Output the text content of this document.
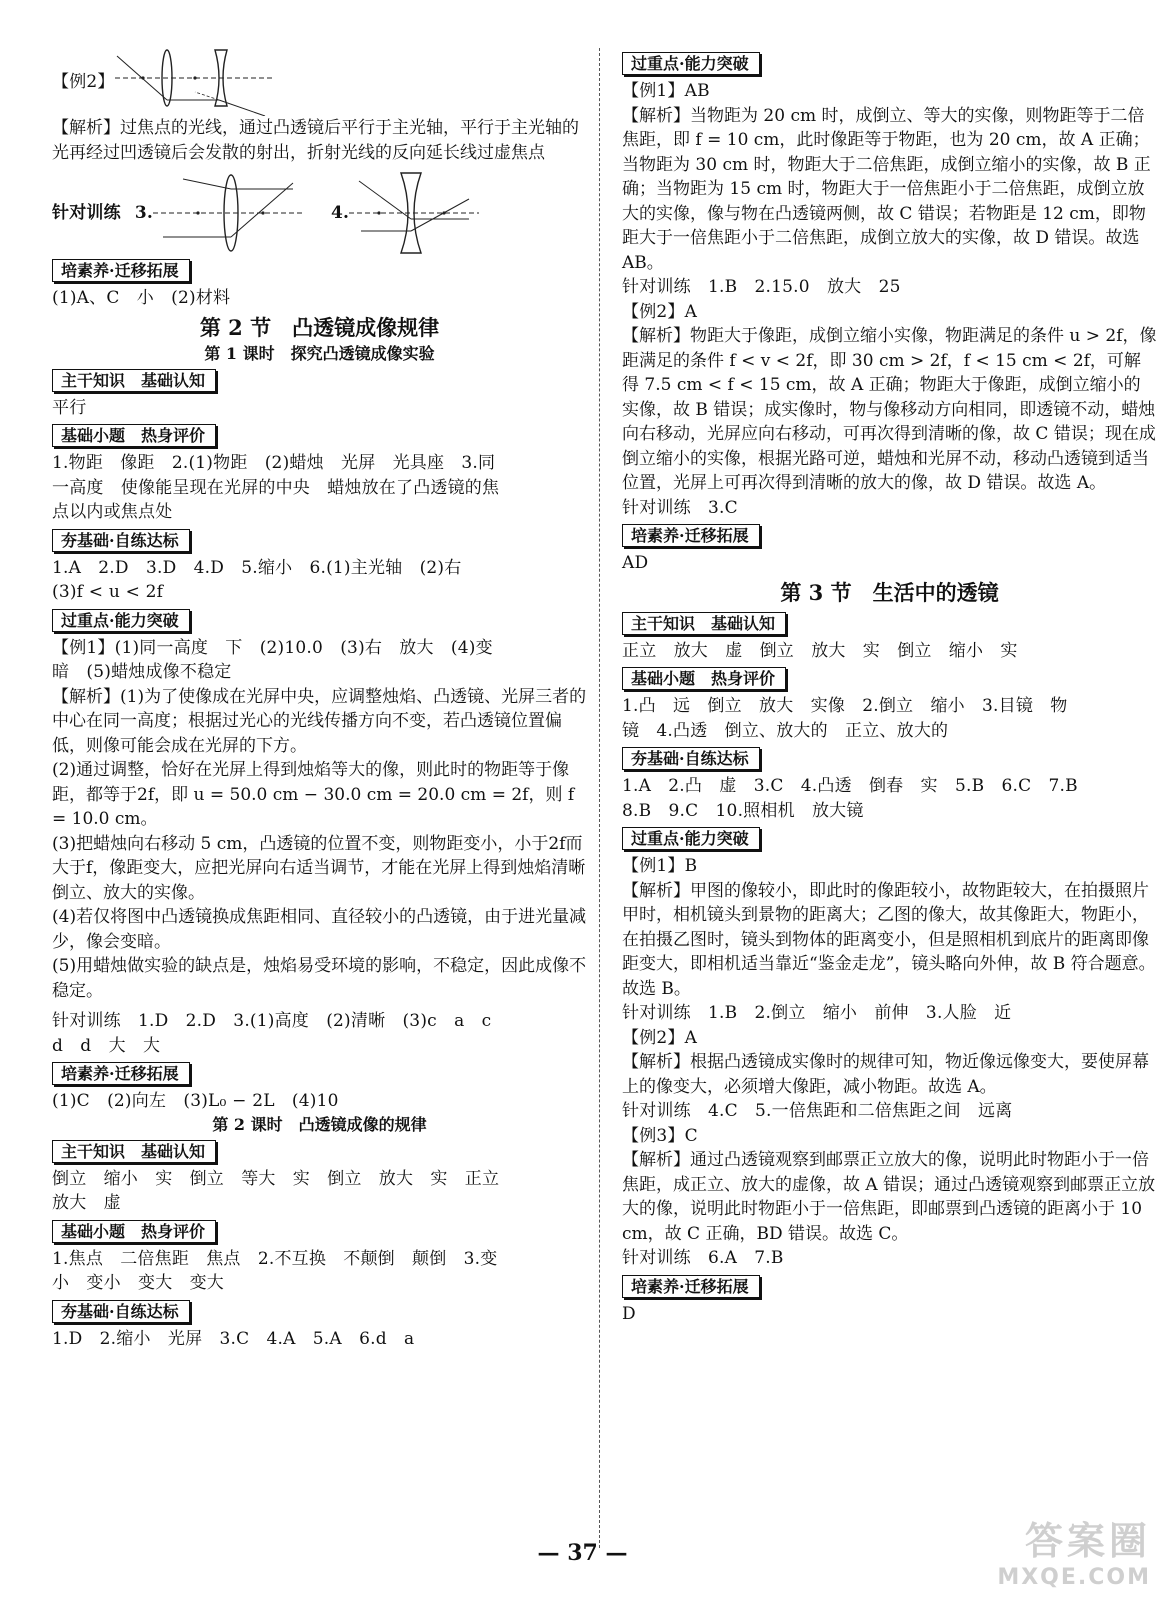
【例2】
【解析】过焦点的光线，通过凸透镜后平行于主光轴，平行于主光轴的光再经过凹透镜后会发散的射出，折射光线的反向延长线过虚焦点
针对训练 3.	4.
培素养·迁移拓展
(1)A、C　小　(2)材料
第 2 节　凸透镜成像规律
第 1 课时　探究凸透镜成像实验
主干知识　基础认知
平行
基础小题　热身评价
1.物距　像距　2.(1)物距　(2)蜡烛　光屏　光具座　3.同
一高度　使像能呈现在光屏的中央　蜡烛放在了凸透镜的焦
点以内或焦点处
夯基础·自练达标
1.A　2.D　3.D　4.D　5.缩小　6.(1)主光轴　(2)右
(3)f < u < 2f
过重点·能力突破
【例1】(1)同一高度　下　(2)10.0　(3)右　放大　(4)变
暗　(5)蜡烛成像不稳定
【解析】(1)为了使像成在光屏中央，应调整烛焰、凸透镜、光屏三者的中心在同一高度；根据过光心的光线传播方向不变，若凸透镜位置偏低，则像可能会成在光屏的下方。
(2)通过调整，恰好在光屏上得到烛焰等大的像，则此时的物距等于像距，都等于2f，即 u = 50.0 cm − 30.0 cm = 20.0 cm = 2f，则 f = 10.0 cm。
(3)把蜡烛向右移动 5 cm，凸透镜的位置不变，则物距变小，小于2f而大于f，像距变大，应把光屏向右适当调节，才能在光屏上得到烛焰清晰倒立、放大的实像。
(4)若仅将图中凸透镜换成焦距相同、直径较小的凸透镜，由于进光量减少，像会变暗。
(5)用蜡烛做实验的缺点是，烛焰易受环境的影响，不稳定，因此成像不稳定。
针对训练　1.D　2.D　3.(1)高度　(2)清晰　(3)c　a　c
d　d　大　大
培素养·迁移拓展
(1)C　(2)向左　(3)L₀ − 2L　(4)10
第 2 课时　凸透镜成像的规律
主干知识　基础认知
倒立　缩小　实　倒立　等大　实　倒立　放大　实　正立
放大　虚
基础小题　热身评价
1.焦点　二倍焦距　焦点　2.不互换　不颠倒　颠倒　3.变
小　变小　变大　变大
夯基础·自练达标
1.D　2.缩小　光屏　3.C　4.A　5.A　6.d　a
过重点·能力突破
【例1】AB
【解析】当物距为 20 cm 时，成倒立、等大的实像，则物距等于二倍焦距，即 f = 10 cm，此时像距等于物距，也为 20 cm，故 A 正确；当物距为 30 cm 时，物距大于二倍焦距，成倒立缩小的实像，故 B 正确；当物距为 15 cm 时，物距大于一倍焦距小于二倍焦距，成倒立放大的实像，像与物在凸透镜两侧，故 C 错误；若物距是 12 cm，即物距大于一倍焦距小于二倍焦距，成倒立放大的实像，故 D 错误。故选 AB。
针对训练　1.B　2.15.0　放大　25
【例2】A
【解析】物距大于像距，成倒立缩小实像，物距满足的条件 u > 2f，像距满足的条件 f < v < 2f，即 30 cm > 2f，f < 15 cm < 2f，可解得 7.5 cm < f < 15 cm，故 A 正确；物距大于像距，成倒立缩小的实像，故 B 错误；成实像时，物与像移动方向相同，即透镜不动，蜡烛向右移动，光屏应向右移动，可再次得到清晰的像，故 C 错误；现在成倒立缩小的实像，根据光路可逆，蜡烛和光屏不动，移动凸透镜到适当位置，光屏上可再次得到清晰的放大的像，故 D 错误。故选 A。
针对训练　3.C
培素养·迁移拓展
AD
第 3 节　生活中的透镜
主干知识　基础认知
正立　放大　虚　倒立　放大　实　倒立　缩小　实
基础小题　热身评价
1.凸　远　倒立　放大　实像　2.倒立　缩小　3.目镜　物
镜　4.凸透　倒立、放大的　正立、放大的
夯基础·自练达标
1.A　2.凸　虚　3.C　4.凸透　倒春　实　5.B　6.C　7.B
8.B　9.C　10.照相机　放大镜
过重点·能力突破
【例1】B
【解析】甲图的像较小，即此时的像距较小，故物距较大，在拍摄照片甲时，相机镜头到景物的距离大；乙图的像大，故其像距大，物距小，在拍摄乙图时，镜头到物体的距离变小，但是照相机到底片的距离即像距变大，即相机适当靠近“鉴金走龙”，镜头略向外伸，故 B 符合题意。故选 B。
针对训练　1.B　2.倒立　缩小　前伸　3.人脸　近
【例2】A
【解析】根据凸透镜成实像时的规律可知，物近像远像变大，要使屏幕上的像变大，必须增大像距，减小物距。故选 A。
针对训练　4.C　5.一倍焦距和二倍焦距之间　远离
【例3】C
【解析】通过凸透镜观察到邮票正立放大的像，说明此时物距小于一倍焦距，成正立、放大的虚像，故 A 错误；通过凸透镜观察到邮票正立放大的像，说明此时物距小于一倍焦距，即邮票到凸透镜的距离小于 10 cm，故 C 正确，BD 错误。故选 C。
针对训练　6.A　7.B
培素养·迁移拓展
D
— 37 —	答案圈
MXQE.COM
